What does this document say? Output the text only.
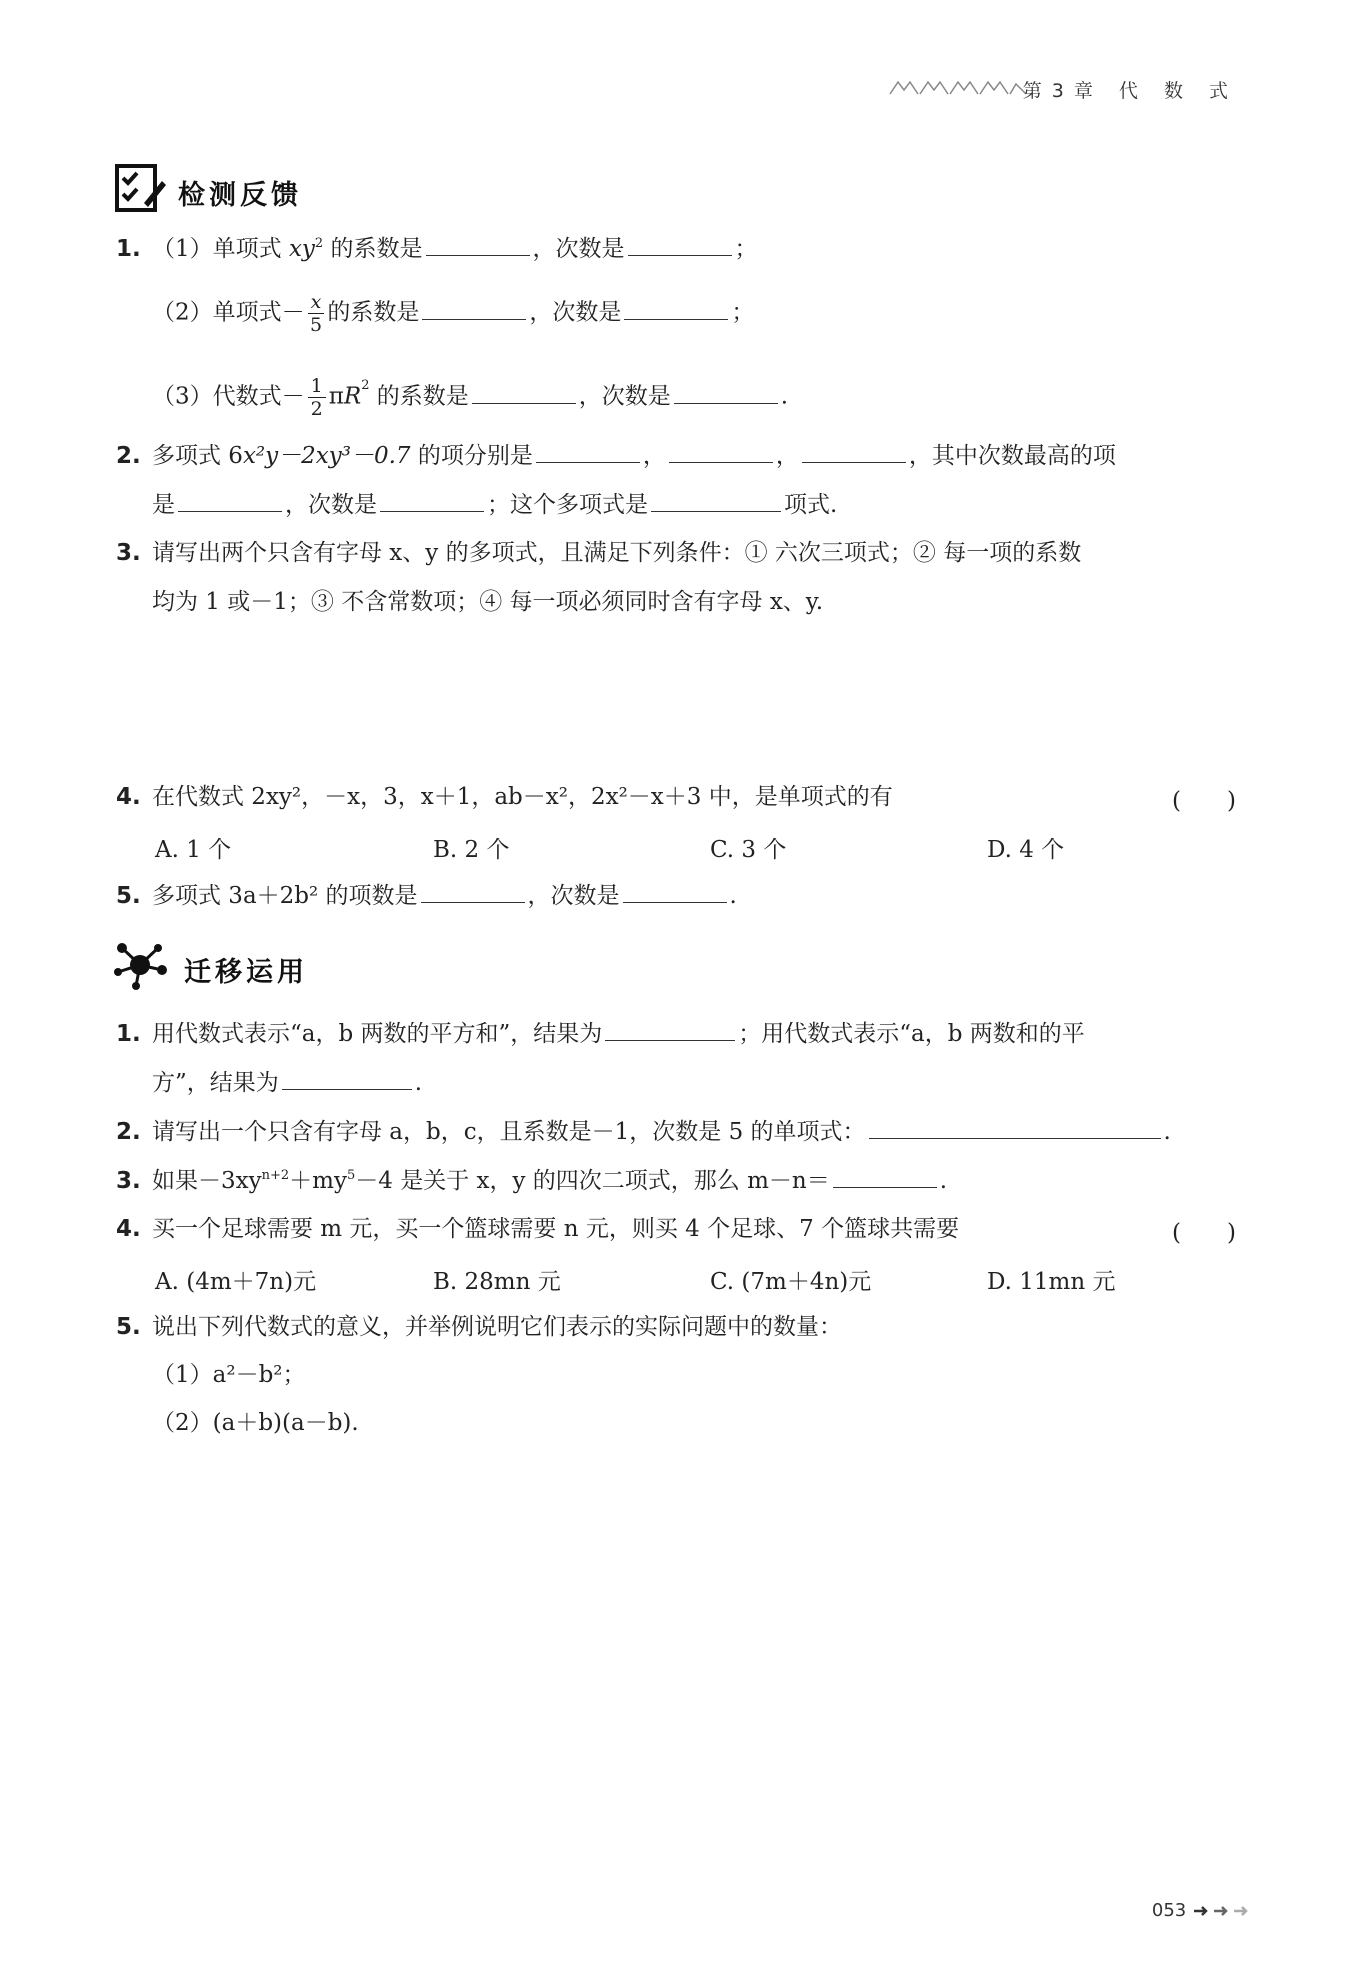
第3章 代 数 式
检测反馈
1. （1）单项式 $xy^2$ 的系数是	，次数是	；
（2）单项式－ $\frac{x}{5}$ 的系数是	，次数是	；
（3）代数式－ $\frac{1}{2} \pi R^2$ 的系数是	，次数是	.
2. 多项式 6x²y－2xy³－0.7 的项分别是	，	，	，其中次数最高的项
是	，次数是	；这个多项式是	项式.
3. 请写出两个只含有字母 x、y 的多项式，且满足下列条件：① 六次三项式；② 每一项的系数
均为 1 或－1；③ 不含常数项；④ 每一项必须同时含有字母 x、y.
4. 在代数式 2xy²，－x，3，x＋1，ab－x²，2x²－x＋3 中，是单项式的有	(　　)
A. 1 个	B. 2 个	C. 3 个	D. 4 个
5. 多项式 3a＋2b² 的项数是	，次数是	.
迁移运用
1. 用代数式表示“a，b 两数的平方和”，结果为	；用代数式表示“a，b 两数和的平
方”，结果为	.
2. 请写出一个只含有字母 a，b，c，且系数是－1，次数是 5 的单项式：	.
3. 如果$-3xy^{n+2}+my^5-4$ 是关于 x，y 的四次二项式，那么 m－n＝	.
4. 买一个足球需要 m 元，买一个篮球需要 n 元，则买 4 个足球、7 个篮球共需要	(　　)
A. (4m＋7n)元	B. 28mn 元	C. (7m＋4n)元	D. 11mn 元
5. 说出下列代数式的意义，并举例说明它们表示的实际问题中的数量：
（1）a²－b²；
（2）(a＋b)(a－b).
053
